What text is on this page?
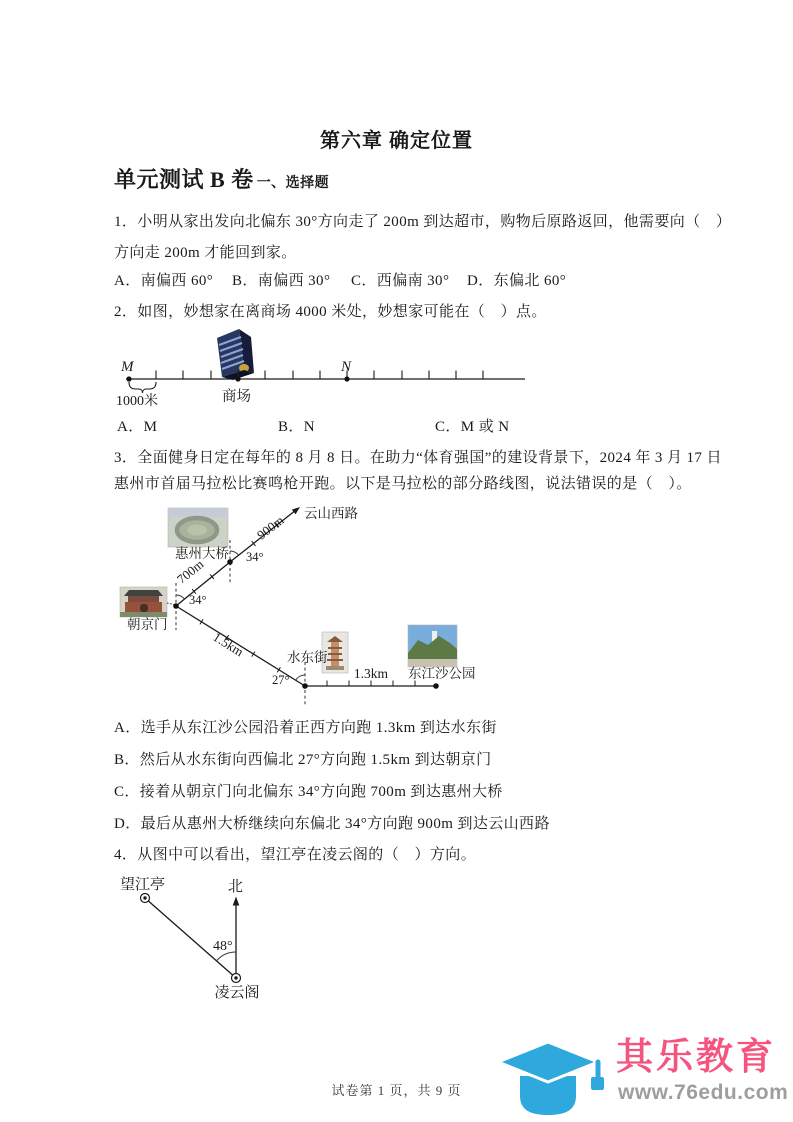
第六章 确定位置
单元测试 B 卷 一、选择题
1．小明从家出发向北偏东 30°方向走了 200m 到达超市，购物后原路返回，他需要向（　）
方向走 200m 才能回到家。
A．南偏西 60° B．南偏西 30° C．西偏南 30° D．东偏北 60°
2．如图，妙想家在离商场 4000 米处，妙想家可能在（　）点。
M	N
1000米	商场
A．M	B．N	C．M 或 N
3．全面健身日定在每年的 8 月 8 日。在助力“体育强国”的建设背景下，2024 年 3 月 17 日
惠州市首届马拉松比赛鸣枪开跑。以下是马拉松的部分路线图，说法错误的是（　）。
云山西路
900m
惠州大桥 34°
700m
34°
朝京门
1.5km	水东街
27°	1.3km 东江沙公园
A．选手从东江沙公园沿着正西方向跑 1.3km 到达水东街
B．然后从水东街向西偏北 27°方向跑 1.5km 到达朝京门
C．接着从朝京门向北偏东 34°方向跑 700m 到达惠州大桥
D．最后从惠州大桥继续向东偏北 34°方向跑 900m 到达云山西路
4．从图中可以看出，望江亭在凌云阁的（　）方向。
望江亭	北
48°
凌云阁
试卷第 1 页，共 9 页
其乐教育
www.76edu.com
